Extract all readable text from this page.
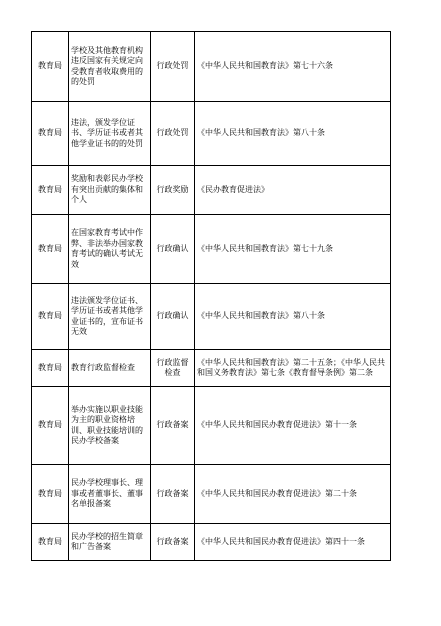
教育局	学校及其他教育机构违反国家有关规定向受教育者收取费用的的处罚	行政处罚	《中华人民共和国教育法》第七十六条
教育局	违法，颁发学位证书、学历证书或者其他学业证书的的处罚	行政处罚	《中华人民共和国教育法》第八十条
教育局	奖励和表彰民办学校有突出贡献的集体和个人	行政奖励	《民办教育促进法》
教育局	在国家教育考试中作弊、非法举办国家教育考试的确认考试无效	行政确认	《中华人民共和国教育法》第七十九条
教育局	违法颁发学位证书、学历证书或者其他学业证书的，宣布证书无效	行政确认	《中华人民共和国教育法》第八十条
教育局	教育行政监督检查	行政监督检查	《中华人民共和国教育法》第二十五条；《中华人民共和国义务教育法》第七条《教育督导条例》第二条
教育局	举办实施以职业技能为主的职业资格培训、职业技能培训的民办学校备案	行政备案	《中华人民共和国民办教育促进法》第十一条
教育局	民办学校理事长、理事或者董事长、董事名单报备案	行政备案	《中华人民共和国民办教育促进法》第二十条
教育局	民办学校的招生简章和广告备案	行政备案	《中华人民共和国民办教育促进法》第四十一条
